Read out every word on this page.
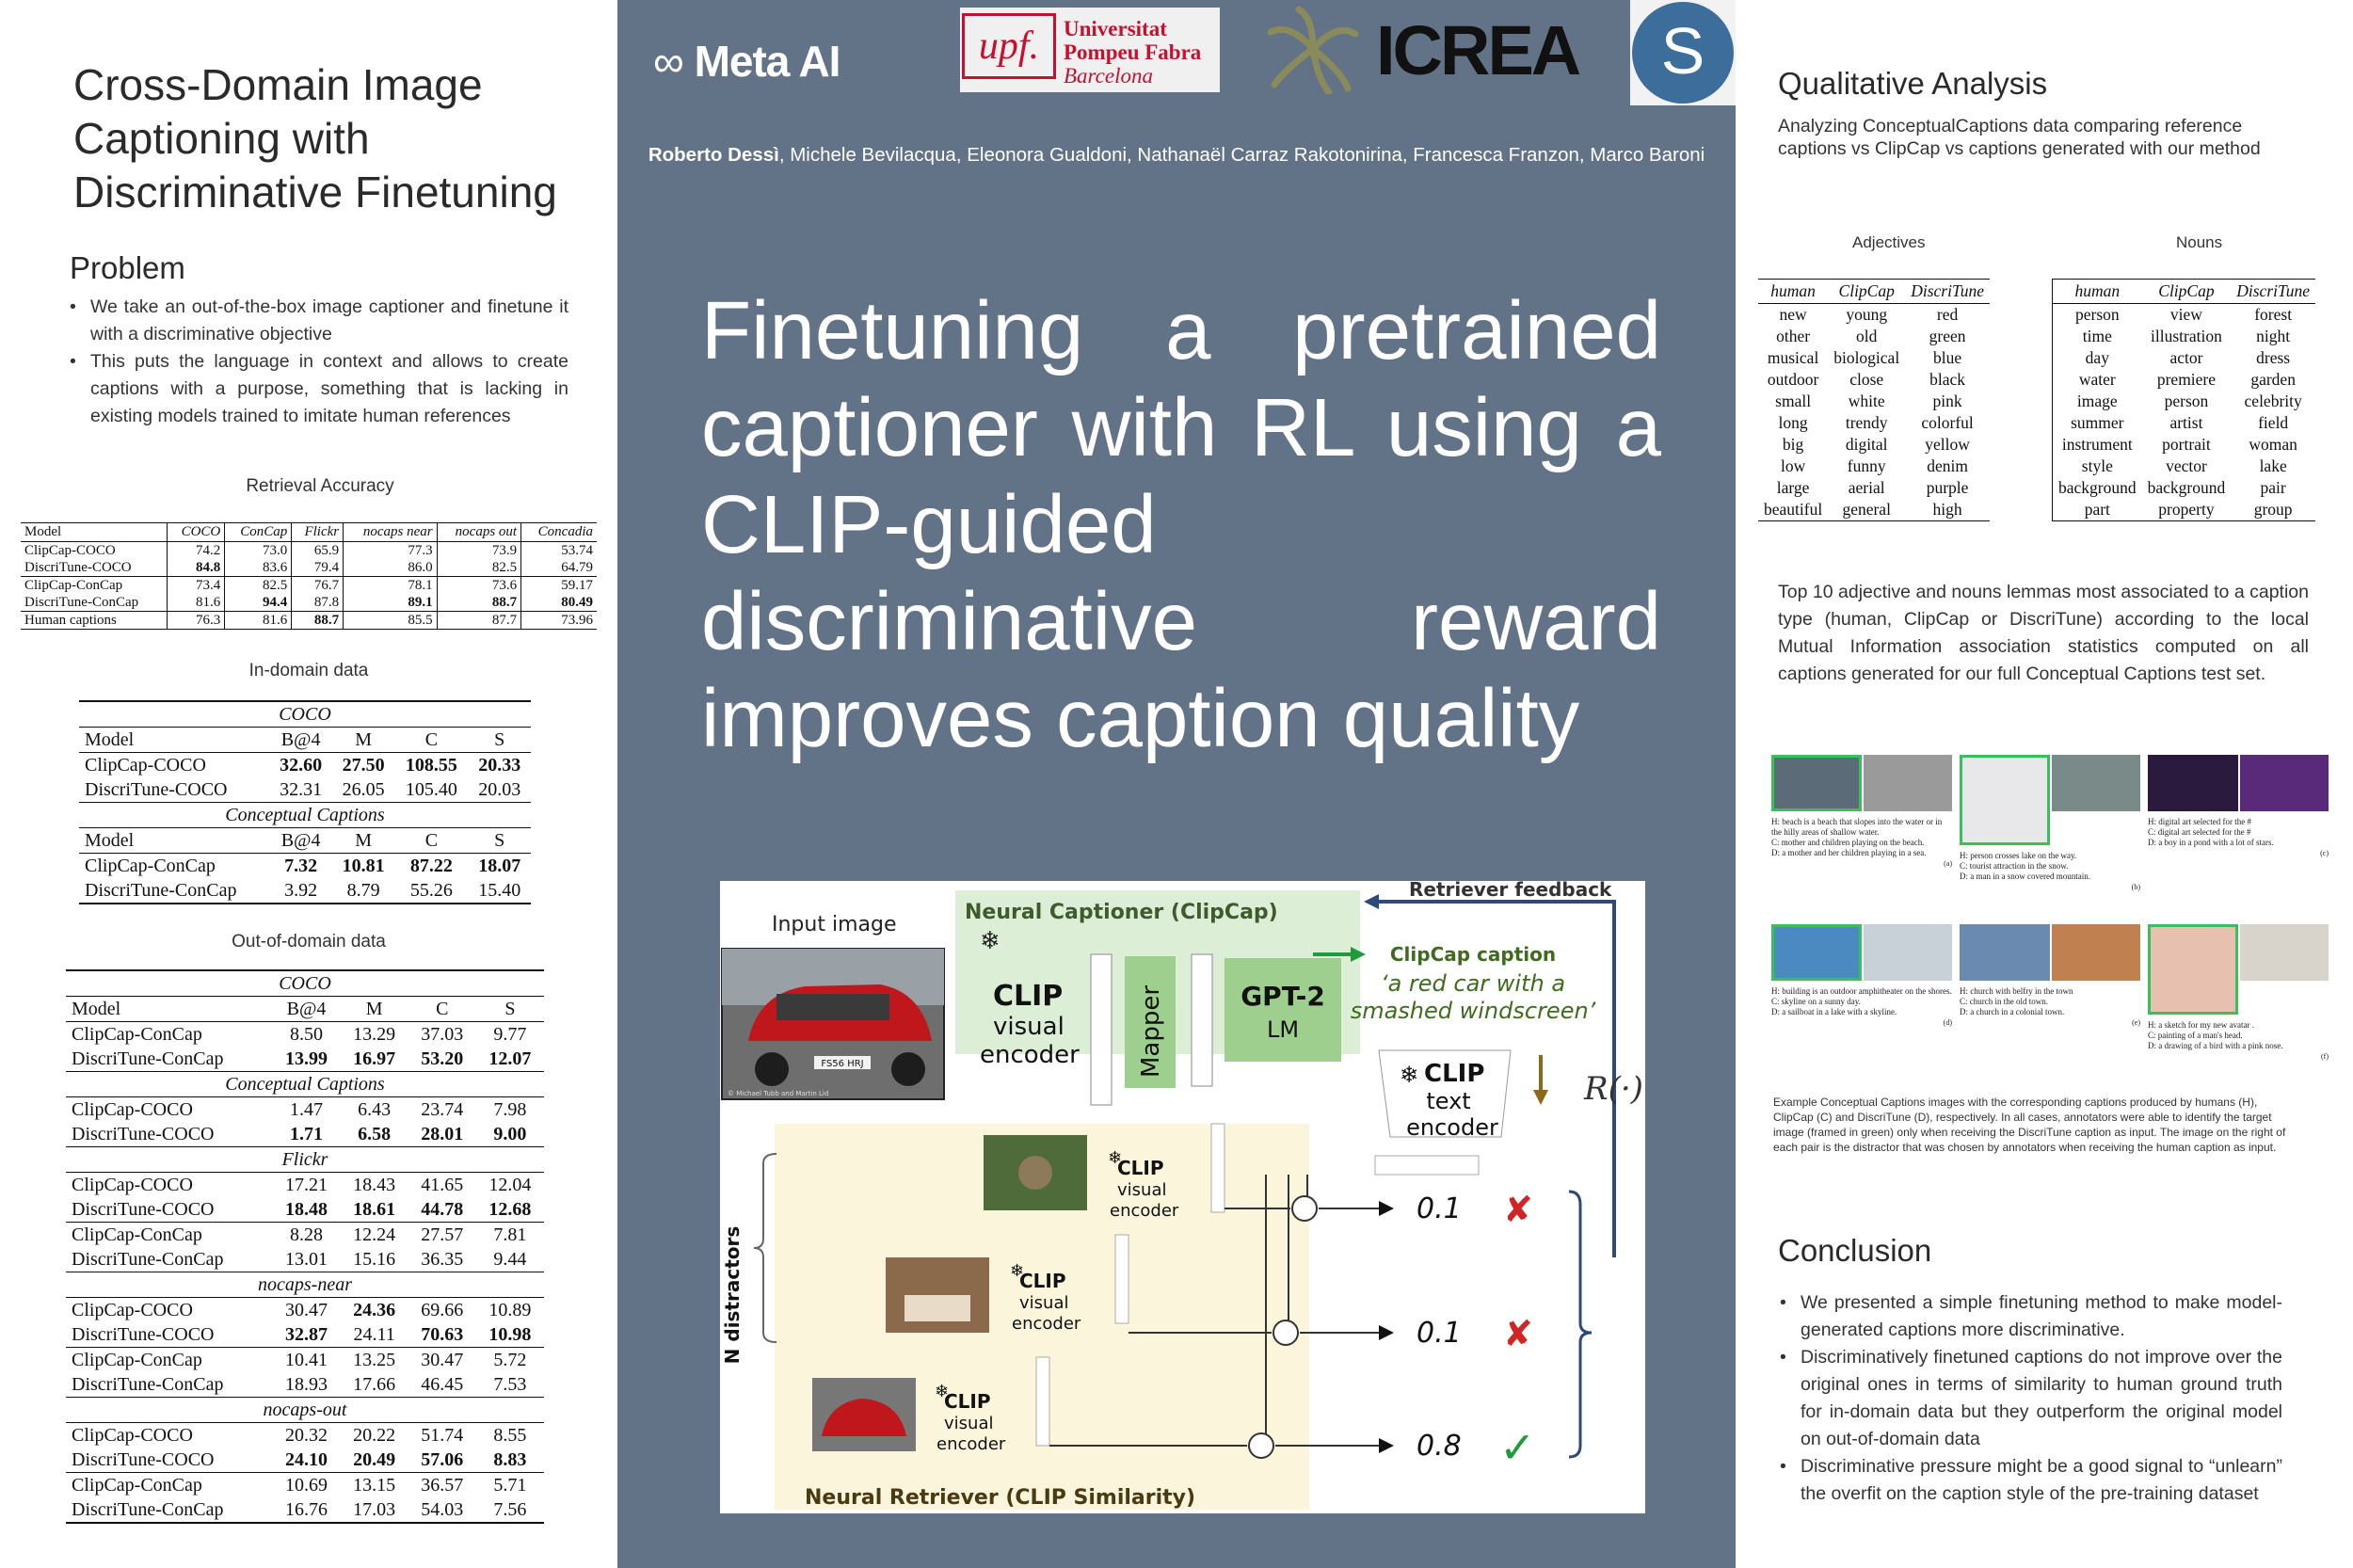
Cross-Domain Image Captioning with Discriminative Finetuning
Problem
• We take an out-of-the-box image captioner and finetune it with a discriminative objective
• This puts the language in context and allows to create captions with a purpose, something that is lacking in existing models trained to imitate human references
Retrieval Accuracy
Model	COCO	ConCap	Flickr	nocaps near	nocaps out	Concadia
ClipCap-COCO	74.2	73.0	65.9	77.3	73.9	53.74
DiscriTune-COCO	84.8	83.6	79.4	86.0	82.5	64.79
ClipCap-ConCap	73.4	82.5	76.7	78.1	73.6	59.17
DiscriTune-ConCap	81.6	94.4	87.8	89.1	88.7	80.49
Human captions	76.3	81.6	88.7	85.5	87.7	73.96
In-domain data
COCO				
Model	B@4	M	C	S
ClipCap-COCO	32.60	27.50	108.55	20.33
DiscriTune-COCO	32.31	26.05	105.40	20.03
Conceptual Captions				
Model	B@4	M	C	S
ClipCap-ConCap	7.32	10.81	87.22	18.07
DiscriTune-ConCap	3.92	8.79	55.26	15.40
Out-of-domain data
COCO				
Model	B@4	M	C	S
ClipCap-ConCap	8.50	13.29	37.03	9.77
DiscriTune-ConCap	13.99	16.97	53.20	12.07
Conceptual Captions				
ClipCap-COCO	1.47	6.43	23.74	7.98
DiscriTune-COCO	1.71	6.58	28.01	9.00
Flickr				
ClipCap-COCO	17.21	18.43	41.65	12.04
DiscriTune-COCO	18.48	18.61	44.78	12.68
ClipCap-ConCap	8.28	12.24	27.57	7.81
DiscriTune-ConCap	13.01	15.16	36.35	9.44
nocaps-near				
ClipCap-COCO	30.47	24.36	69.66	10.89
DiscriTune-COCO	32.87	24.11	70.63	10.98
ClipCap-ConCap	10.41	13.25	30.47	5.72
DiscriTune-ConCap	18.93	17.66	46.45	7.53
nocaps-out				
ClipCap-COCO	20.32	20.22	51.74	8.55
DiscriTune-COCO	24.10	20.49	57.06	8.83
ClipCap-ConCap	10.69	13.15	36.57	5.71
DiscriTune-ConCap	16.76	17.03	54.03	7.56
∞ Meta AI	upf.	Universitat
Pompeu Fabra
Barcelona	ICREA	S
Roberto Dessì, Michele Bevilacqua, Eleonora Gualdoni, Nathanaël Carraz Rakotonirina, Francesca Franzon, Marco Baroni
Finetuning a pretrained captioner with RL using a CLIP-guided discriminative reward improves caption quality
Neural Captioner (ClipCap)
Neural Retriever (CLIP Similarity)
Input image
FS56 HRJ
© Michael Tubb and Martin Lid
❄
CLIP
visual
encoder Mapper	GPT-2
LM
ClipCap caption
‘a red car with a
smashed windscreen’
Retriever feedback
R(·)
❄ CLIP
text
encoder
N distractors
❄
CLIP
visual
encoder
❄
CLIP
visual
encoder
❄
CLIP
visual
encoder
0.1
0.1
0.8
✘
✘
✓
Qualitative Analysis
Analyzing ConceptualCaptions data comparing reference captions vs ClipCap vs captions generated with our method
Adjectives	Nouns
human	ClipCap	DiscriTune
new	young	red
other	old	green
musical	biological	blue
outdoor	close	black
small	white	pink
long	trendy	colorful
big	digital	yellow
low	funny	denim
large	aerial	purple
beautiful	general	high
human	ClipCap	DiscriTune
person	view	forest
time	illustration	night
day	actor	dress
water	premiere	garden
image	person	celebrity
summer	artist	field
instrument	portrait	woman
style	vector	lake
background	background	pair
part	property	group
Top 10 adjective and nouns lemmas most associated to a caption type (human, ClipCap or DiscriTune) according to the local Mutual Information association statistics computed on all captions generated for our full Conceptual Captions test set.
H: beach is a beach that slopes into the water or in the hilly areas of shallow water.
C: mother and children playing on the beach.
D: a mother and her children playing in a sea.
(a)
H: person crosses lake on the way.
C: tourist attraction in the snow.
D: a man in a snow covered mountain.
(b)
H: digital art selected for the #
C: digital art selected for the #
D: a boy in a pond with a lot of stars.
(c)
H: building is an outdoor amphitheater on the shores.
C: skyline on a sunny day.
D: a sailboat in a lake with a skyline.
(d)
H: church with belfry in the town
C: church in the old town.
D: a church in a colonial town.
(e) H: a sketch for my new avatar .
C: painting of a man's head.
D: a drawing of a bird with a pink nose.
(f)
Example Conceptual Captions images with the corresponding captions produced by humans (H), ClipCap (C) and DiscriTune (D), respectively. In all cases, annotators were able to identify the target image (framed in green) only when receiving the DiscriTune caption as input. The image on the right of each pair is the distractor that was chosen by annotators when receiving the human caption as input.
Conclusion
• We presented a simple finetuning method to make model-generated captions more discriminative.
• Discriminatively finetuned captions do not improve over the original ones in terms of similarity to human ground truth for in-domain data but they outperform the original model on out-of-domain data
• Discriminative pressure might be a good signal to “unlearn” the overfit on the caption style of the pre-training dataset
